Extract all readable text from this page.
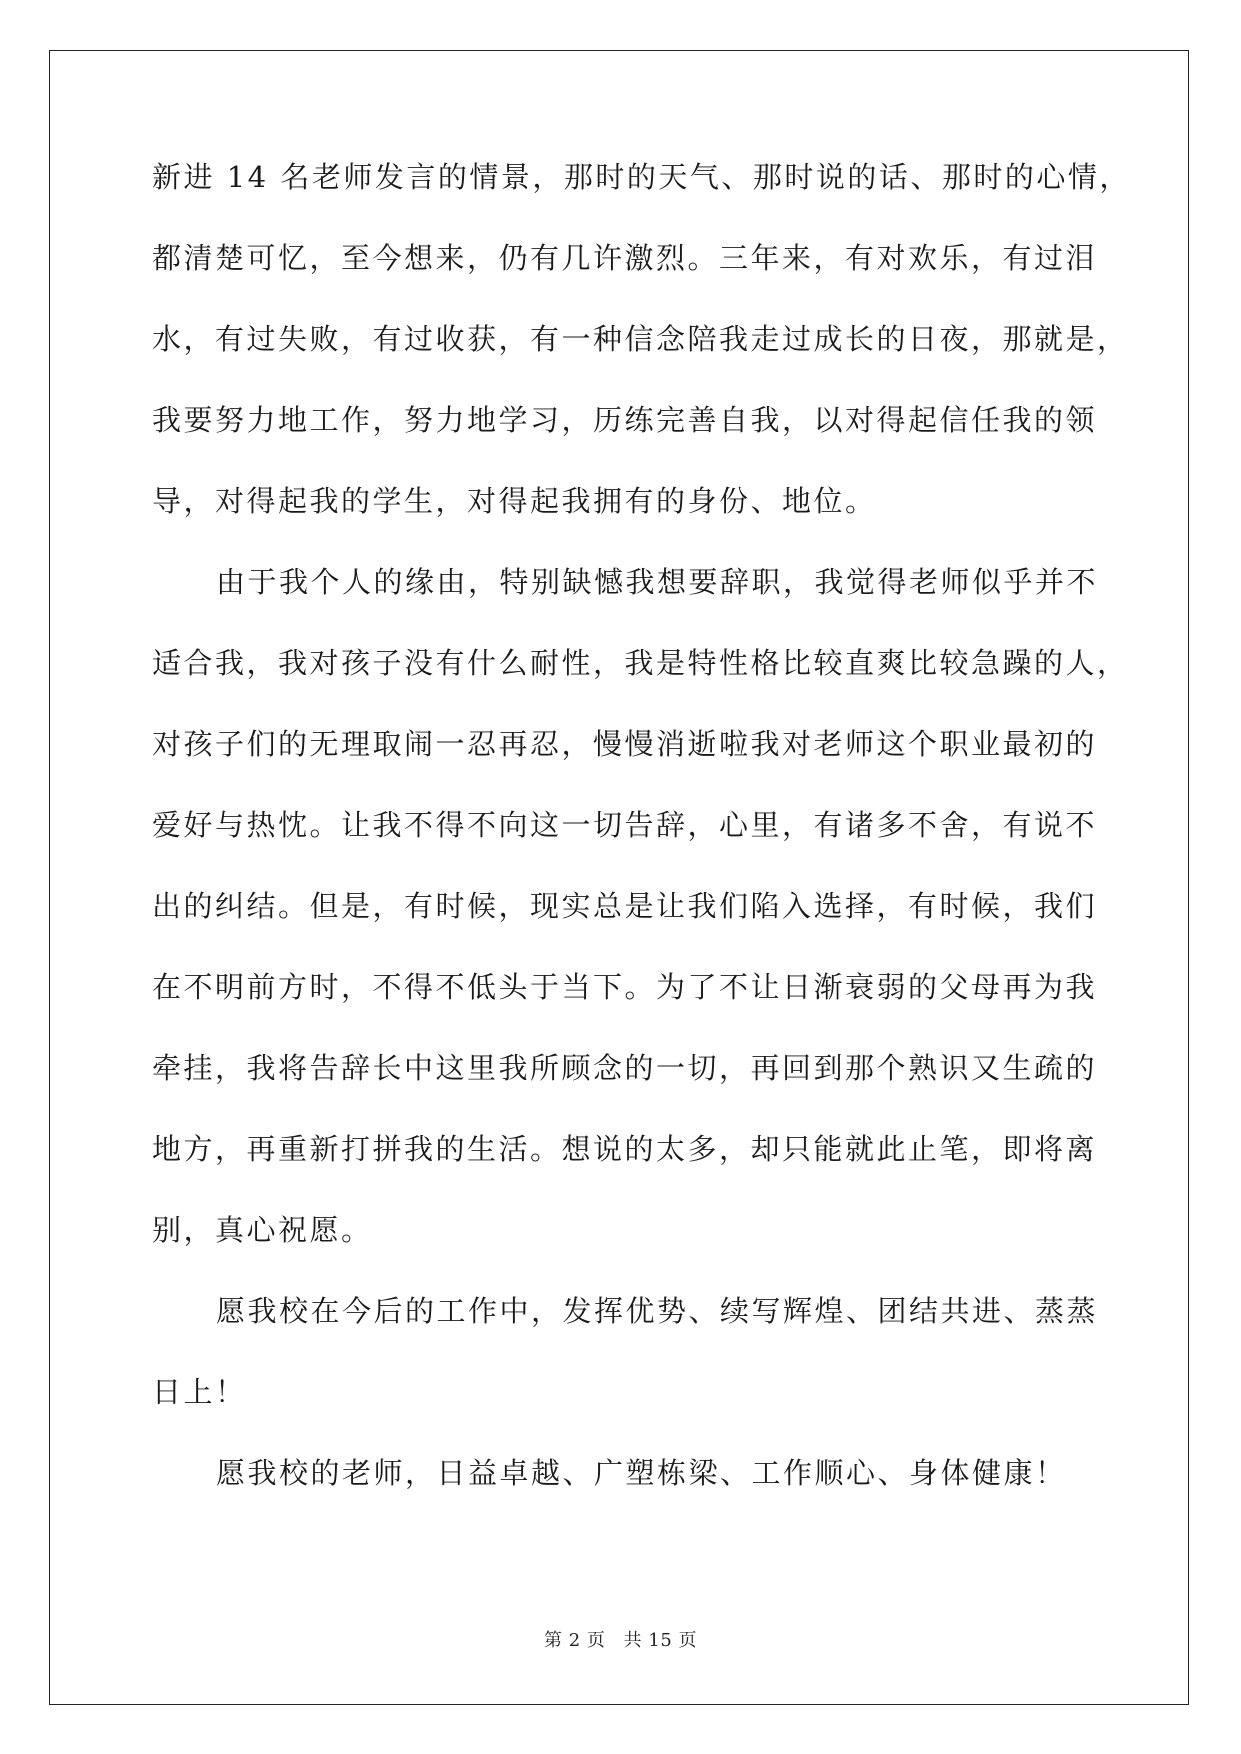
新进 14 名老师发言的情景，那时的天气、那时说的话、那时的心情，
都清楚可忆，至今想来，仍有几许激烈。三年来，有对欢乐，有过泪
水，有过失败，有过收获，有一种信念陪我走过成长的日夜，那就是，
我要努力地工作，努力地学习，历练完善自我，以对得起信任我的领
导，对得起我的学生，对得起我拥有的身份、地位。
由于我个人的缘由，特别缺憾我想要辞职，我觉得老师似乎并不
适合我，我对孩子没有什么耐性，我是特性格比较直爽比较急躁的人，
对孩子们的无理取闹一忍再忍，慢慢消逝啦我对老师这个职业最初的
爱好与热忱。让我不得不向这一切告辞，心里，有诸多不舍，有说不
出的纠结。但是，有时候，现实总是让我们陷入选择，有时候，我们
在不明前方时，不得不低头于当下。为了不让日渐衰弱的父母再为我
牵挂，我将告辞长中这里我所顾念的一切，再回到那个熟识又生疏的
地方，再重新打拼我的生活。想说的太多，却只能就此止笔，即将离
别，真心祝愿。
愿我校在今后的工作中，发挥优势、续写辉煌、团结共进、蒸蒸
日上！
愿我校的老师，日益卓越、广塑栋梁、工作顺心、身体健康！
第 2 页 共 15 页
